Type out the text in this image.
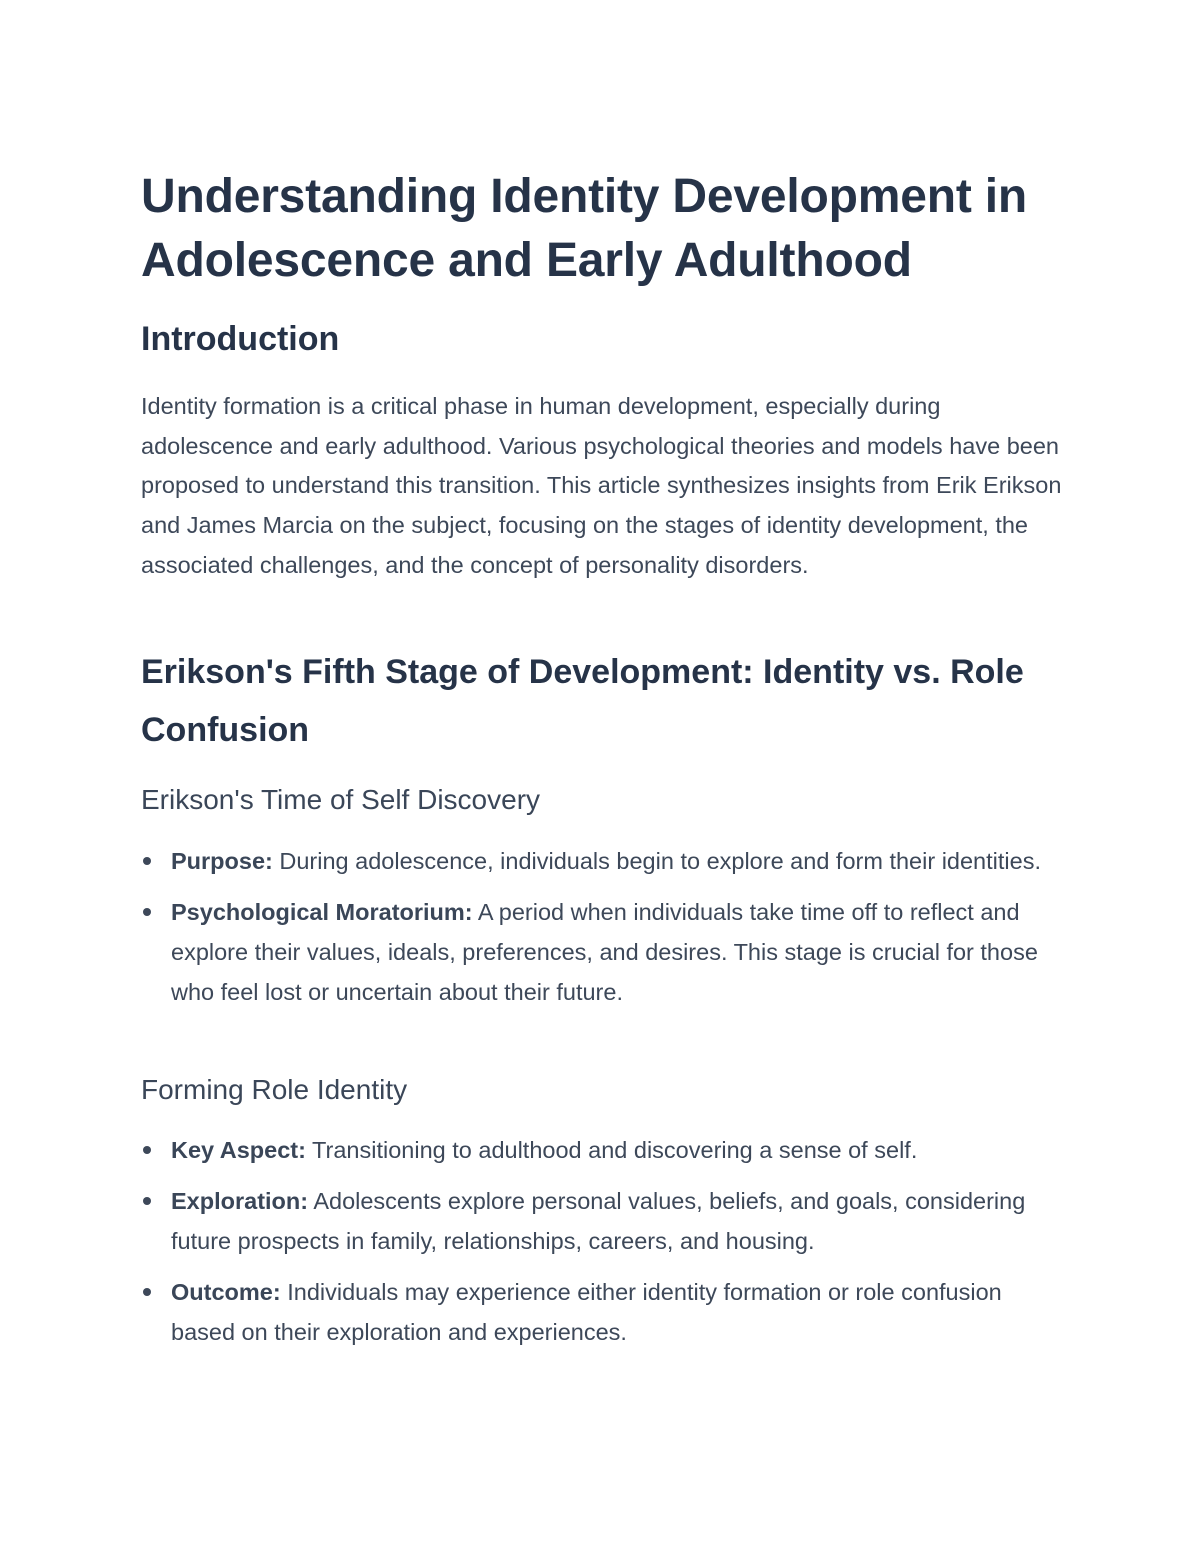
Understanding Identity Development in Adolescence and Early Adulthood
Introduction

Identity formation is a critical phase in human development, especially during adolescence and early adulthood. Various psychological theories and models have been proposed to understand this transition. This article synthesizes insights from Erik Erikson and James Marcia on the subject, focusing on the stages of identity development, the associated challenges, and the concept of personality disorders.

Erikson's Fifth Stage of Development: Identity vs. Role Confusion
Erikson's Time of Self Discovery
Purpose: During adolescence, individuals begin to explore and form their identities.
Psychological Moratorium: A period when individuals take time off to reflect and explore their values, ideals, preferences, and desires. This stage is crucial for those who feel lost or uncertain about their future.
Forming Role Identity
Key Aspect: Transitioning to adulthood and discovering a sense of self.
Exploration: Adolescents explore personal values, beliefs, and goals, considering future prospects in family, relationships, careers, and housing.
Outcome: Individuals may experience either identity formation or role confusion based on their exploration and experiences.
